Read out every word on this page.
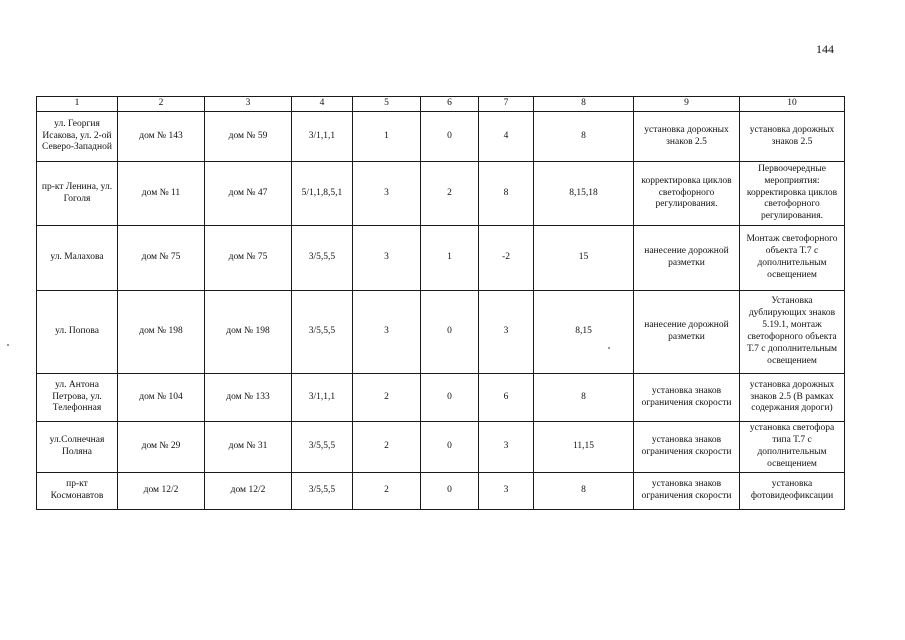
144
1	2	3	4	5	6	7	8	9	10
ул. Георгия Исакова, ул. 2-ой Северо-Западной	дом № 143	дом № 59	3/1,1,1	1	0	4	8	установка дорожных знаков 2.5	установка дорожных знаков 2.5
пр-кт Ленина, ул. Гоголя	дом № 11	дом № 47	5/1,1,8,5,1	3	2	8	8,15,18	корректировка циклов светофорного регулирования.	Первоочередные мероприятия: корректировка циклов светофорного регулирования.
ул. Малахова	дом № 75	дом № 75	3/5,5,5	3	1	-2	15	нанесение дорожной разметки	Монтаж светофорного объекта Т.7 с дополнительным освещением
ул. Попова	дом № 198	дом № 198	3/5,5,5	3	0	3	8,15	нанесение дорожной разметки	Установка дублирующих знаков 5.19.1, монтаж светофорного объекта Т.7 с дополнительным освещением
ул. Антона Петрова, ул. Телефонная	дом № 104	дом № 133	3/1,1,1	2	0	6	8	установка знаков ограничения скорости	установка дорожных знаков 2.5 (В рамках содержания дороги)
ул.Солнечная Поляна	дом № 29	дом № 31	3/5,5,5	2	0	3	11,15	установка знаков ограничения скорости	установка светофора типа Т.7 с дополнительным освещением
пр-кт Космонавтов	дом 12/2	дом 12/2	3/5,5,5	2	0	3	8	установка знаков ограничения скорости	установка фотовидеофиксации
